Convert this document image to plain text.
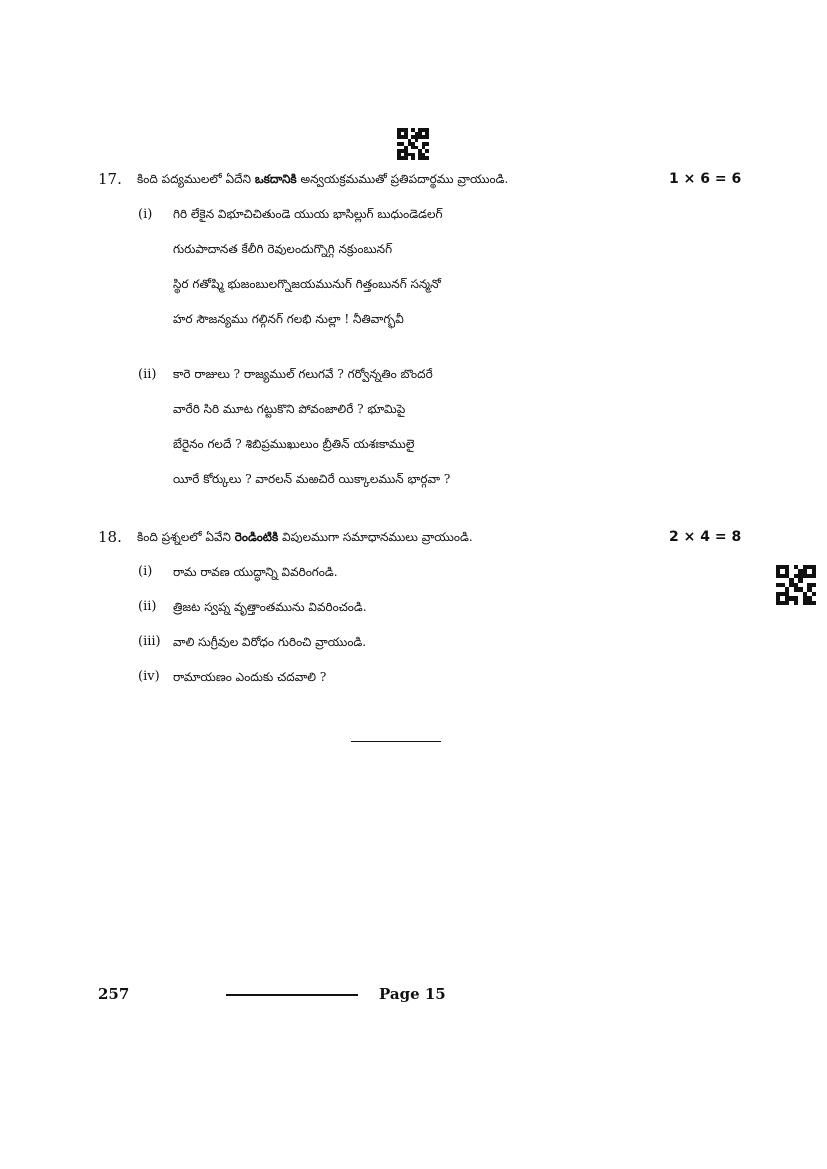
17. కింది పద్యములలో ఏదేని ఒకదానికి అన్వయక్రమముతో ప్రతిపదార్థము వ్రాయుండి.	1 × 6 = 6
(i) గిరి లేకైన విభూచిచితుండె యుయ భాసిల్లుగ్ బుధుండెడలగ్
గురుపాదానత కేలీగి రెవులందుగ్నొగ్గి నక్రుంబునగ్
స్థిర గతోష్మి భుజంబులగ్నొజయమునుగ్ గిత్తంబునగ్ సన్మనో
హర సౌజన్యము గల్గినగ్ గలభి నుల్లా ! నీతివాగ్భవీ
(ii) కారె రాజులు ? రాజ్యముల్ గలుగవే ? గర్వోన్నతిం బొందరే
వారేరి సిరి మూట గట్టుకొని పోవంజాలిరే ? భూమిపై
బేరైనం గలదే ? శిబిప్రముఖులుం బ్రీతిన్ యశఃకాములై
యీరే కోర్కులు ? వారలన్ మఱచిరే యిక్కాలమున్ భార్గవా ?
18. కింది ప్రశ్నలలో ఏవేని రెండింటికి విపులముగా సమాధానములు వ్రాయుండి.	2 × 4 = 8
(i) రామ రావణ యుద్ధాన్ని వివరింగండి.
(ii) త్రిజట స్వప్న వృత్తాంతమును వివరించండి.
(iii) వాలి సుగ్రీవుల విరోధం గురించి వ్రాయుండి.
(iv) రామాయణం ఎందుకు చదవాలి ?
257	Page 15
